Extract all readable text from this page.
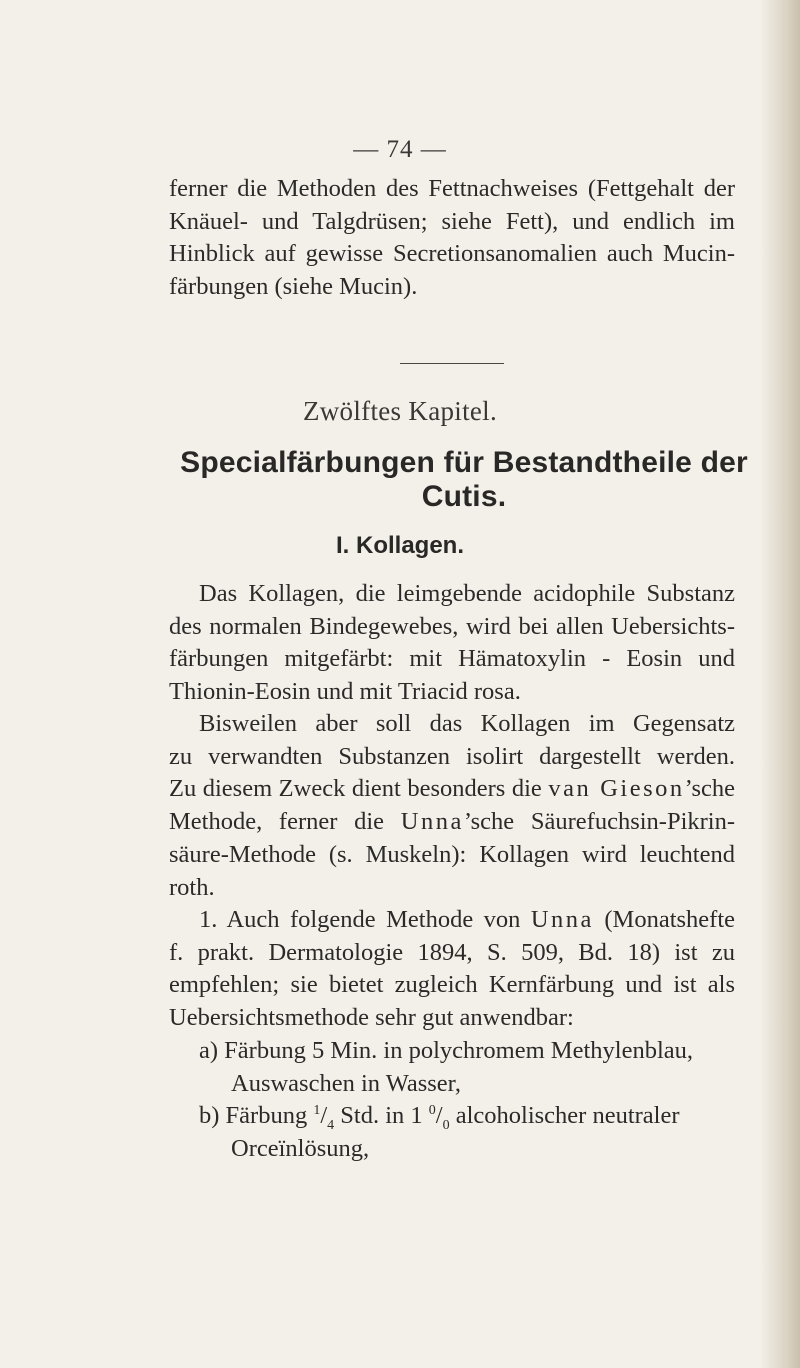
— 74 —

ferner die Methoden des Fettnachweises (Fettgehalt der
Knäuel- und Talgdrüsen; siehe Fett), und endlich im
Hinblick auf gewisse Secretionsanomalien auch Mucin-
färbungen (siehe Mucin).

Zwölftes Kapitel.
Specialfärbungen für Bestandtheile der Cutis.
I. Kollagen.

Das Kollagen, die leimgebende acidophile Substanz
des normalen Bindegewebes, wird bei allen Uebersichts-
färbungen mitgefärbt: mit Hämatoxylin - Eosin und
Thionin-Eosin und mit Triacid rosa.

Bisweilen aber soll das Kollagen im Gegensatz
zu verwandten Substanzen isolirt dargestellt werden.
Zu diesem Zweck dient besonders die van Gieson’sche
Methode, ferner die Unna’sche Säurefuchsin-Pikrin-
säure-Methode (s. Muskeln): Kollagen wird leuchtend
roth.

1. Auch folgende Methode von Unna (Monatshefte
f. prakt. Dermatologie 1894, S. 509, Bd. 18) ist zu
empfehlen; sie bietet zugleich Kernfärbung und ist als
Uebersichtsmethode sehr gut anwendbar:

a) Färbung 5 Min. in polychromem Methylenblau,
Auswaschen in Wasser,
b) Färbung $^1/_4$ Std. in 1 $^0/_0$ alcoholischer neutraler
Orceïnlösung,
